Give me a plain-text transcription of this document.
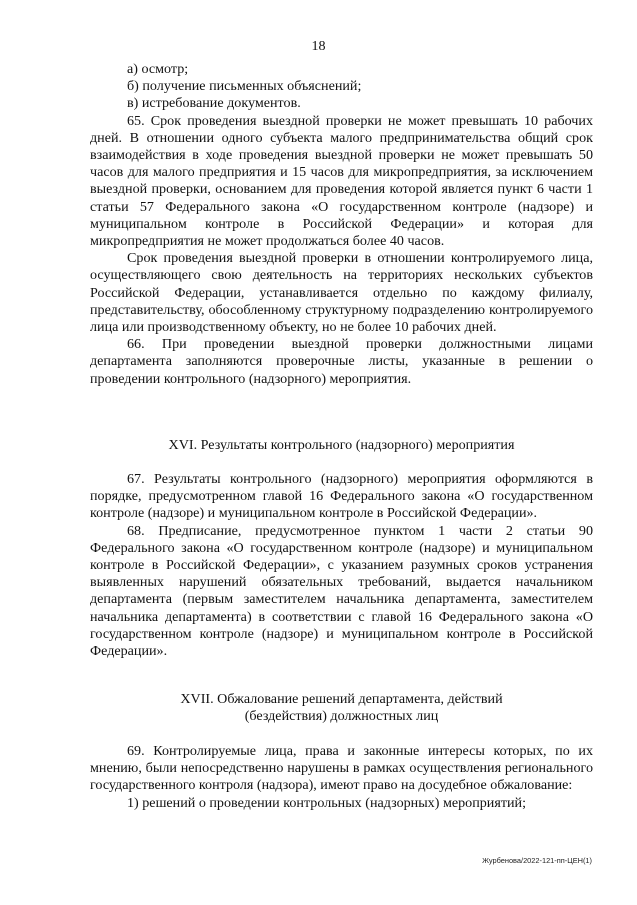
18

а) осмотр;

б) получение письменных объяснений;

в) истребование документов.

65. Срок проведения выездной проверки не может превышать 10 рабочих дней. В отношении одного субъекта малого предпринимательства общий срок взаимодействия в ходе проведения выездной проверки не может превышать 50 часов для малого предприятия и 15 часов для микропредприятия, за исключением выездной проверки, основанием для проведения которой является пункт 6 части 1 статьи 57 Федерального закона «О государственном контроле (надзоре) и муниципальном контроле в Российской Федерации» и которая для микропредприятия не может продолжаться более 40 часов.

Срок проведения выездной проверки в отношении контролируемого лица, осуществляющего свою деятельность на территориях нескольких субъектов Российской Федерации, устанавливается отдельно по каждому филиалу, представительству, обособленному структурному подразделению контролируемого лица или производственному объекту, но не более 10 рабочих дней.

66. При проведении выездной проверки должностными лицами департамента заполняются проверочные листы, указанные в решении о проведении контрольного (надзорного) мероприятия.

XVI. Результаты контрольного (надзорного) мероприятия

67. Результаты контрольного (надзорного) мероприятия оформляются в порядке, предусмотренном главой 16 Федерального закона «О государственном контроле (надзоре) и муниципальном контроле в Российской Федерации».

68. Предписание, предусмотренное пунктом 1 части 2 статьи 90 Федерального закона «О государственном контроле (надзоре) и муниципальном контроле в Российской Федерации», с указанием разумных сроков устранения выявленных нарушений обязательных требований, выдается начальником департамента (первым заместителем начальника департамента, заместителем начальника департамента) в соответствии с главой 16 Федерального закона «О государственном контроле (надзоре) и муниципальном контроле в Российской Федерации».

XVII. Обжалование решений департамента, действий
(бездействия) должностных лиц

69. Контролируемые лица, права и законные интересы которых, по их мнению, были непосредственно нарушены в рамках осуществления регионального государственного контроля (надзора), имеют право на досудебное обжалование:

1) решений о проведении контрольных (надзорных) мероприятий;

Журбенова/2022-121-пп-ЦЕН(1)
